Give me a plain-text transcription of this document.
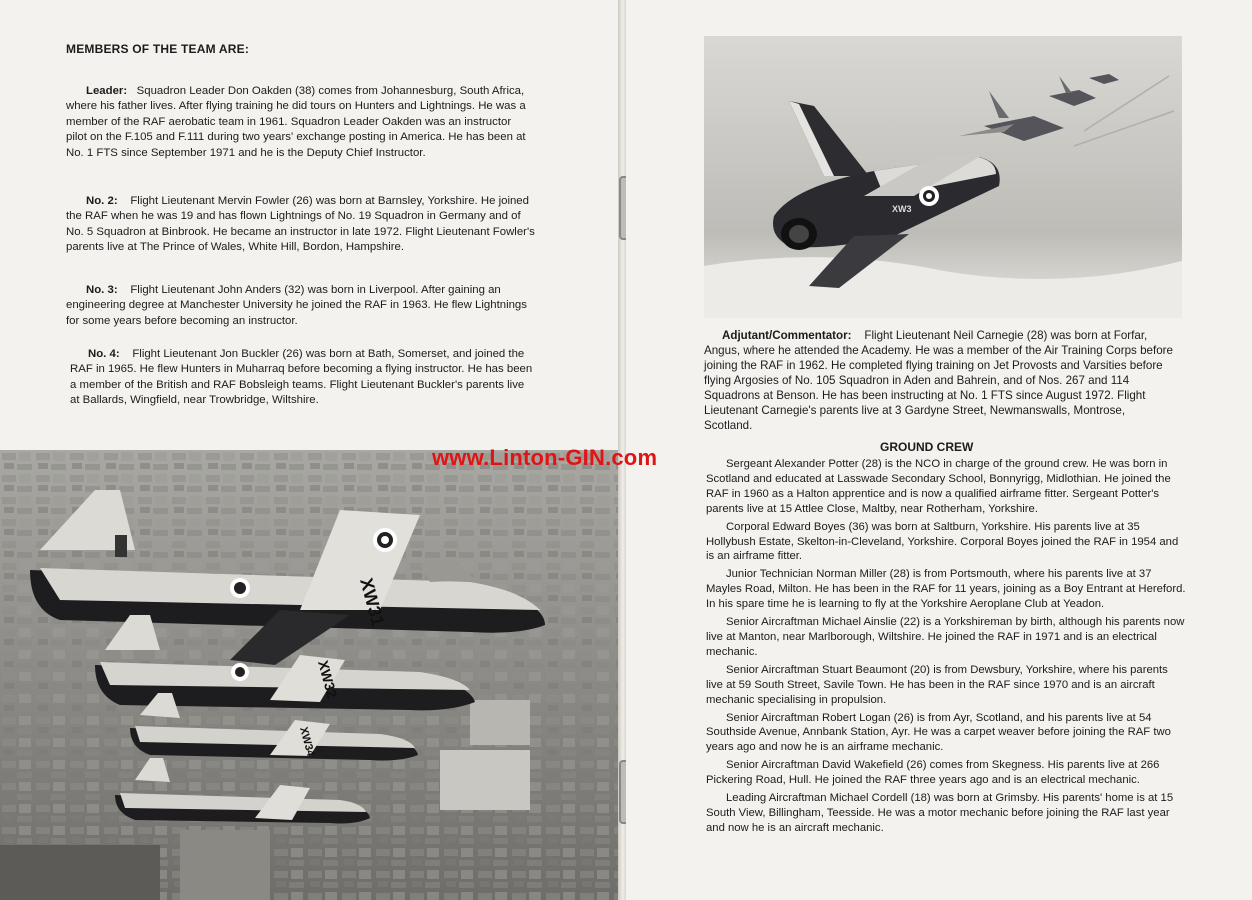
MEMBERS OF THE TEAM ARE:

Leader: Squadron Leader Don Oakden (38) comes from Johannesburg, South Africa, where his father lives. After flying training he did tours on Hunters and Lightnings. He was a member of the RAF aerobatic team in 1961. Squadron Leader Oakden was an instructor pilot on the F.105 and F.111 during two years' exchange posting in America. He has been at No. 1 FTS since September 1971 and he is the Deputy Chief Instructor.

No. 2: Flight Lieutenant Mervin Fowler (26) was born at Barnsley, Yorkshire. He joined the RAF when he was 19 and has flown Lightnings of No. 19 Squadron in Germany and of No. 5 Squadron at Binbrook. He became an instructor in late 1972. Flight Lieutenant Fowler's parents live at The Prince of Wales, White Hill, Bordon, Hampshire.

No. 3: Flight Lieutenant John Anders (32) was born in Liverpool. After gaining an engineering degree at Manchester University he joined the RAF in 1963. He flew Lightnings for some years before becoming an instructor.

No. 4: Flight Lieutenant Jon Buckler (26) was born at Bath, Somerset, and joined the RAF in 1965. He flew Hunters in Muharraq before becoming a flying instructor. He has been a member of the British and RAF Bobsleigh teams. Flight Lieutenant Buckler's parents live at Ballards, Wingfield, near Trowbridge, Wiltshire.

XW31
XW32
XW34
XW3

Adjutant/Commentator: Flight Lieutenant Neil Carnegie (28) was born at Forfar, Angus, where he attended the Academy. He was a member of the Air Training Corps before joining the RAF in 1962. He completed flying training on Jet Provosts and Varsities before flying Argosies of No. 105 Squadron in Aden and Bahrein, and of Nos. 267 and 114 Squadrons at Benson. He has been instructing at No. 1 FTS since August 1972. Flight Lieutenant Carnegie's parents live at 3 Gardyne Street, Newmanswalls, Montrose, Scotland.

GROUND CREW

Sergeant Alexander Potter (28) is the NCO in charge of the ground crew. He was born in Scotland and educated at Lasswade Secondary School, Bonnyrigg, Midlothian. He joined the RAF in 1960 as a Halton apprentice and is now a qualified airframe fitter. Sergeant Potter's parents live at 15 Attlee Close, Maltby, near Rotherham, Yorkshire.

Corporal Edward Boyes (36) was born at Saltburn, Yorkshire. His parents live at 35 Hollybush Estate, Skelton-in-Cleveland, Yorkshire. Corporal Boyes joined the RAF in 1954 and is an airframe fitter.

Junior Technician Norman Miller (28) is from Portsmouth, where his parents live at 37 Mayles Road, Milton. He has been in the RAF for 11 years, joining as a Boy Entrant at Hereford. In his spare time he is learning to fly at the Yorkshire Aeroplane Club at Yeadon.

Senior Aircraftman Michael Ainslie (22) is a Yorkshireman by birth, although his parents now live at Manton, near Marlborough, Wiltshire. He joined the RAF in 1971 and is an electrical mechanic.

Senior Aircraftman Stuart Beaumont (20) is from Dewsbury, Yorkshire, where his parents live at 59 South Street, Savile Town. He has been in the RAF since 1970 and is an aircraft mechanic specialising in propulsion.

Senior Aircraftman Robert Logan (26) is from Ayr, Scotland, and his parents live at 54 Southside Avenue, Annbank Station, Ayr. He was a carpet weaver before joining the RAF two years ago and now he is an airframe mechanic.

Senior Aircraftman David Wakefield (26) comes from Skegness. His parents live at 266 Pickering Road, Hull. He joined the RAF three years ago and is an electrical mechanic.

Leading Aircraftman Michael Cordell (18) was born at Grimsby. His parents' home is at 15 South View, Billingham, Teesside. He was a motor mechanic before joining the RAF last year and now he is an aircraft mechanic.

www.Linton-GIN.com
